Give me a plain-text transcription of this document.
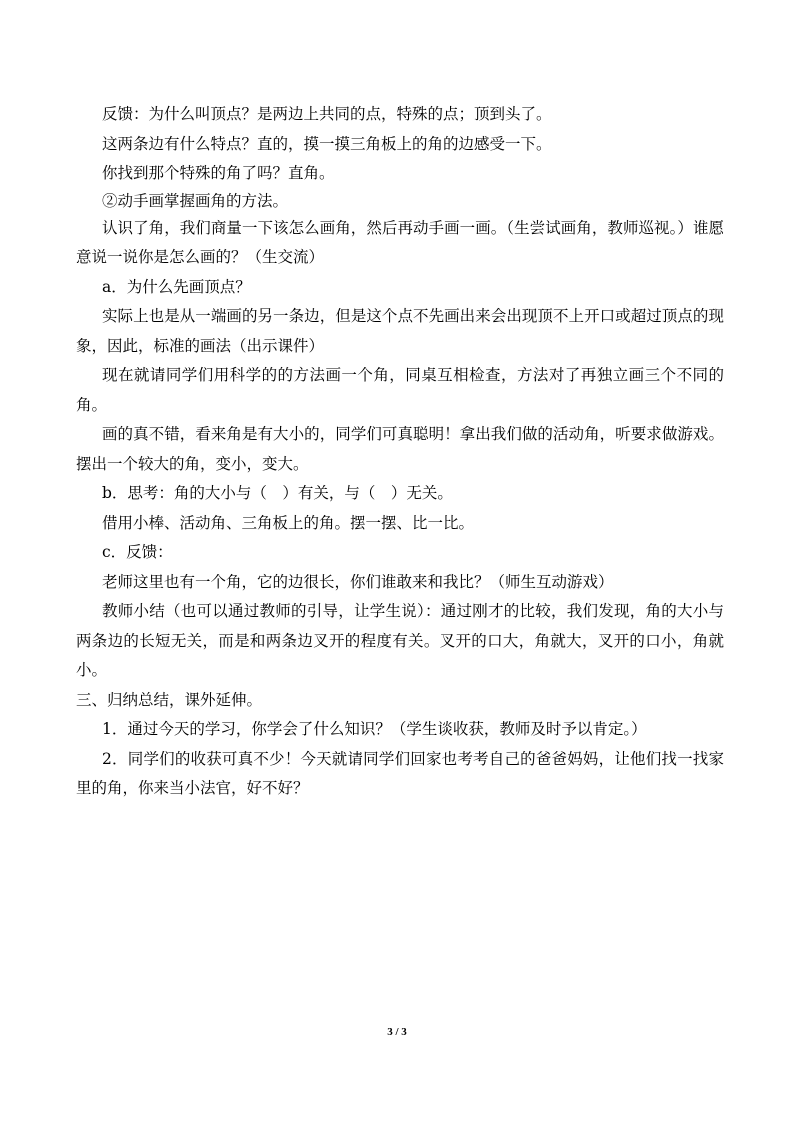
反馈：为什么叫顶点？是两边上共同的点，特殊的点；顶到头了。

这两条边有什么特点？直的，摸一摸三角板上的角的边感受一下。

你找到那个特殊的角了吗？直角。

②动手画掌握画角的方法。

认识了角，我们商量一下该怎么画角，然后再动手画一画。（生尝试画角，教师巡视。）谁愿意说一说你是怎么画的？（生交流）

a．为什么先画顶点？

实际上也是从一端画的另一条边，但是这个点不先画出来会出现顶不上开口或超过顶点的现象，因此，标准的画法（出示课件）

现在就请同学们用科学的的方法画一个角，同桌互相检查，方法对了再独立画三个不同的角。

画的真不错，看来角是有大小的，同学们可真聪明！拿出我们做的活动角，听要求做游戏。摆出一个较大的角，变小，变大。

b．思考：角的大小与（　）有关，与（　）无关。

借用小棒、活动角、三角板上的角。摆一摆、比一比。

c．反馈：

老师这里也有一个角，它的边很长，你们谁敢来和我比？（师生互动游戏）

教师小结（也可以通过教师的引导，让学生说）：通过刚才的比较，我们发现，角的大小与两条边的长短无关，而是和两条边叉开的程度有关。叉开的口大，角就大，叉开的口小，角就小。

三、归纳总结，课外延伸。

1．通过今天的学习，你学会了什么知识？（学生谈收获，教师及时予以肯定。）

2．同学们的收获可真不少！今天就请同学们回家也考考自己的爸爸妈妈，让他们找一找家里的角，你来当小法官，好不好？

3 / 3
